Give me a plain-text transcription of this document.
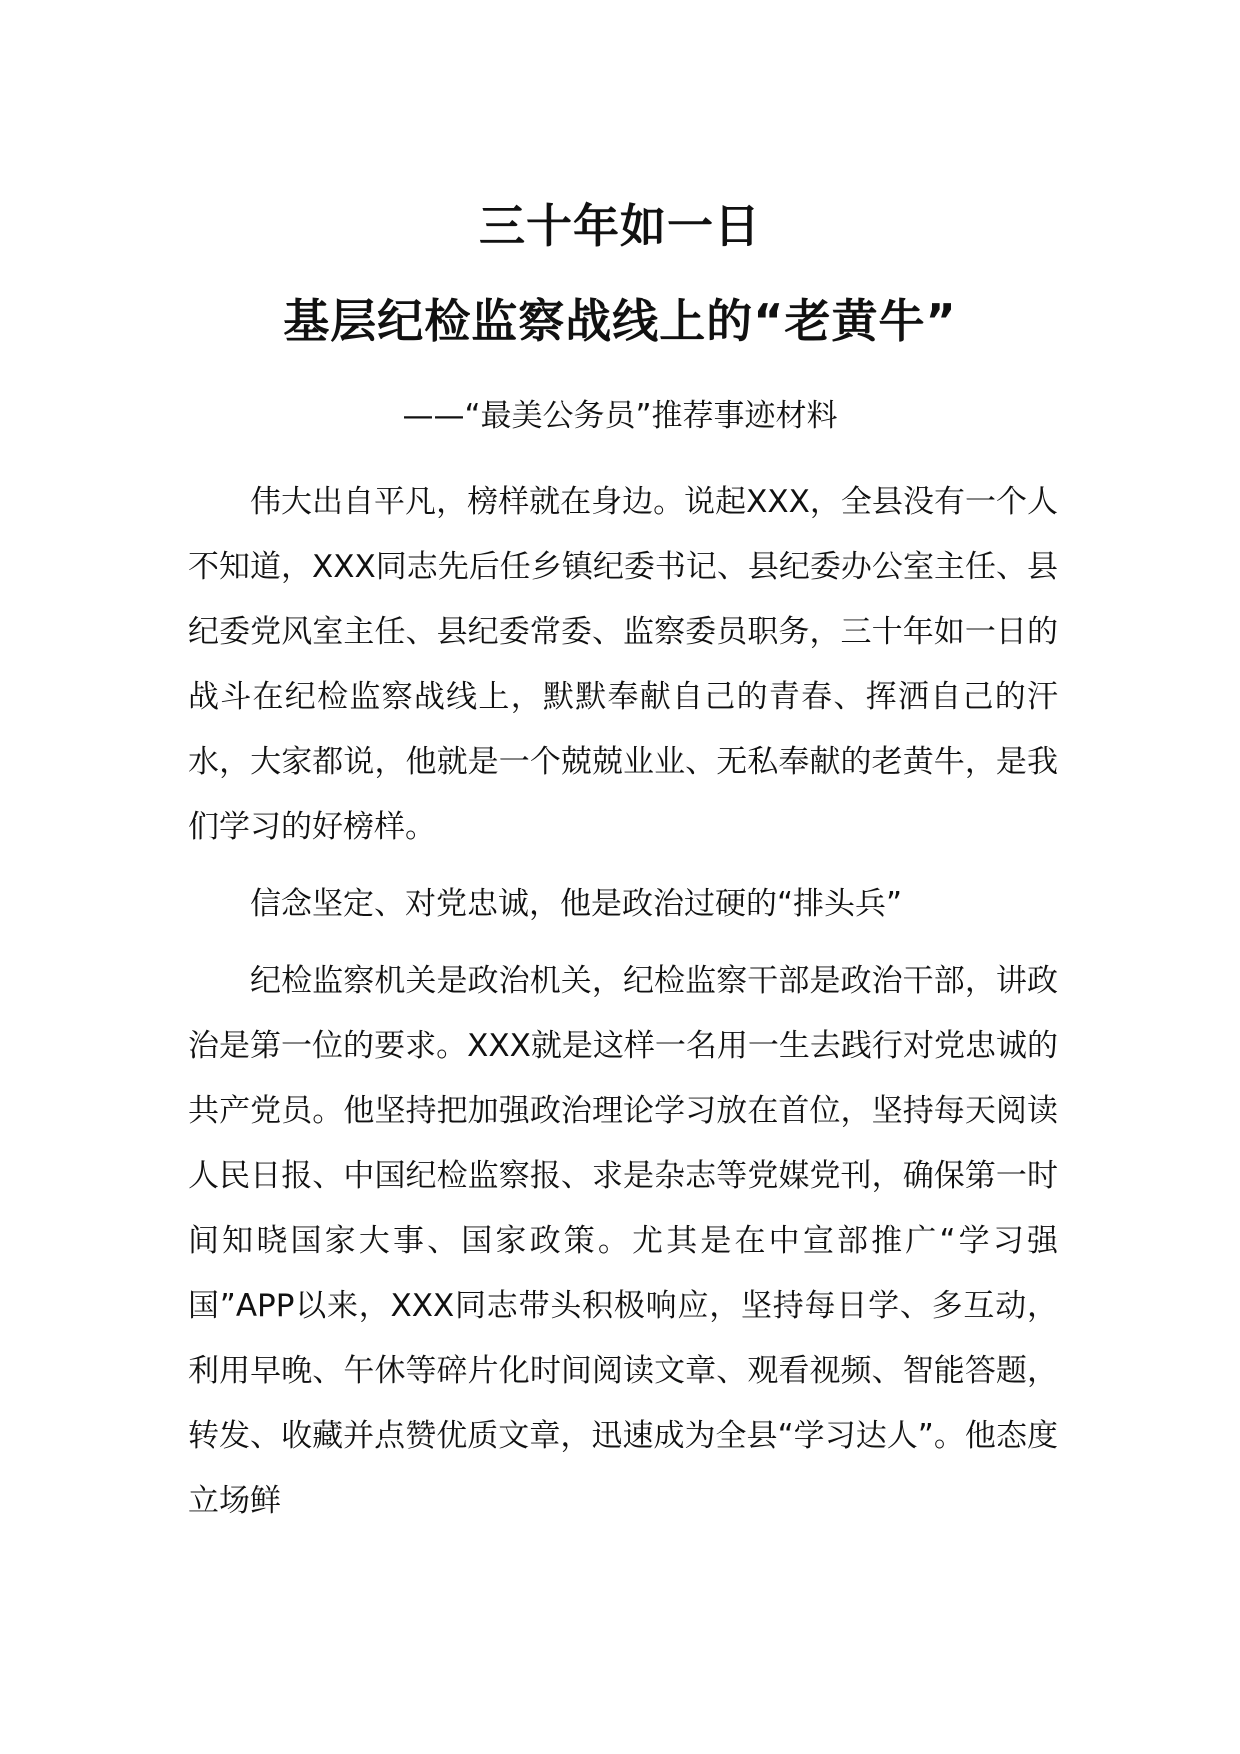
三十年如一日
基层纪检监察战线上的“老黄牛”
——“最美公务员”推荐事迹材料

伟大出自平凡，榜样就在身边。说起XXX，全县没有一个人不知道，XXX同志先后任乡镇纪委书记、县纪委办公室主任、县纪委党风室主任、县纪委常委、监察委员职务，三十年如一日的战斗在纪检监察战线上，默默奉献自己的青春、挥洒自己的汗水，大家都说，他就是一个兢兢业业、无私奉献的老黄牛，是我们学习的好榜样。

信念坚定、对党忠诚，他是政治过硬的“排头兵”

纪检监察机关是政治机关，纪检监察干部是政治干部，讲政治是第一位的要求。XXX就是这样一名用一生去践行对党忠诚的共产党员。他坚持把加强政治理论学习放在首位，坚持每天阅读人民日报、中国纪检监察报、求是杂志等党媒党刊，确保第一时间知晓国家大事、国家政策。尤其是在中宣部推广“学习强国”APP以来，XXX同志带头积极响应，坚持每日学、多互动，利用早晚、午休等碎片化时间阅读文章、观看视频、智能答题，转发、收藏并点赞优质文章，迅速成为全县“学习达人”。他态度立场鲜
